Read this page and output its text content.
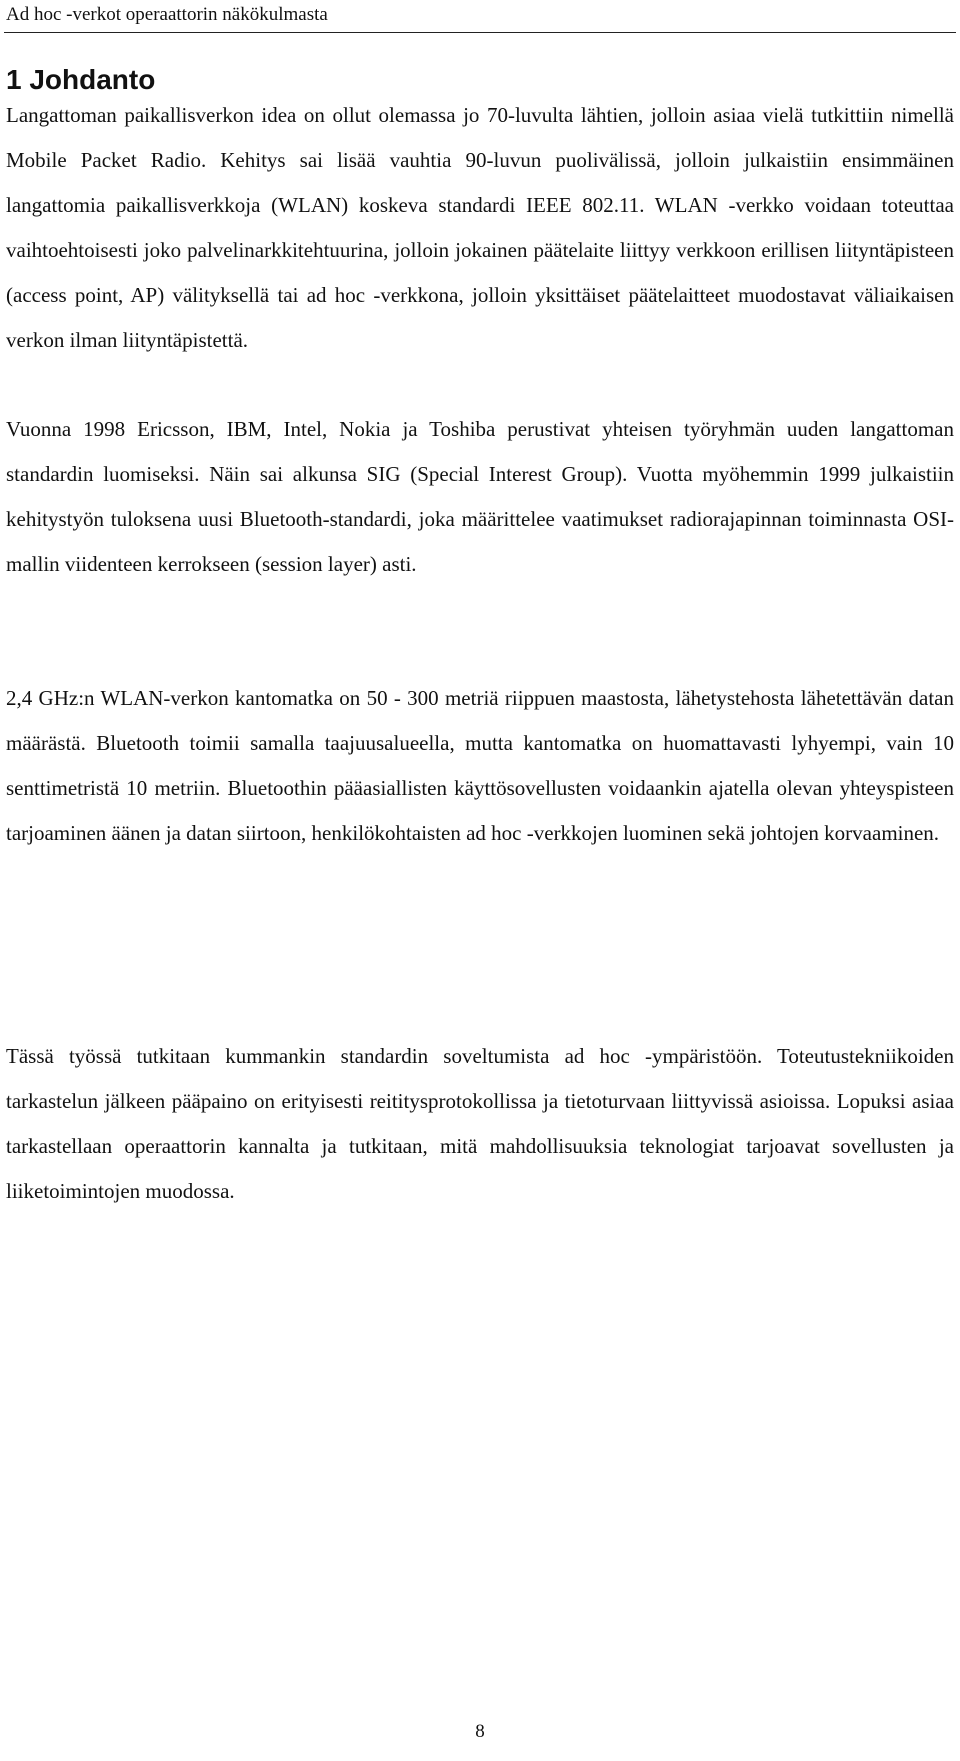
Ad hoc -verkot operaattorin näkökulmasta
1 Johdanto

Langattoman paikallisverkon idea on ollut olemassa jo 70-luvulta lähtien, jolloin asiaa vielä tutkittiin nimellä Mobile Packet Radio. Kehitys sai lisää vauhtia 90-luvun puolivälissä, jolloin julkaistiin ensimmäinen langattomia paikallisverkkoja (WLAN) koskeva standardi IEEE 802.11. WLAN -verkko voidaan toteuttaa vaihtoehtoisesti joko palvelinarkkitehtuurina, jolloin jokainen päätelaite liittyy verkkoon erillisen liityntäpisteen (access point, AP) välityksellä tai ad hoc -verkkona, jolloin yksittäiset päätelaitteet muodostavat väliaikaisen verkon ilman liityntäpistettä.

Vuonna 1998 Ericsson, IBM, Intel, Nokia ja Toshiba perustivat yhteisen työryhmän uuden langattoman standardin luomiseksi. Näin sai alkunsa SIG (Special Interest Group). Vuotta myöhemmin 1999 julkaistiin kehitystyön tuloksena uusi Bluetooth-standardi, joka määrittelee vaatimukset radiorajapinnan toiminnasta OSI-mallin viidenteen kerrokseen (session layer) asti.

2,4 GHz:n WLAN-verkon kantomatka on 50 - 300 metriä riippuen maastosta, lähetystehosta lähetettävän datan määrästä. Bluetooth toimii samalla taajuusalueella, mutta kantomatka on huomattavasti lyhyempi, vain 10 senttimetristä 10 metriin. Bluetoothin pääasiallisten käyttösovellusten voidaankin ajatella olevan yhteyspisteen tarjoaminen äänen ja datan siirtoon, henkilökohtaisten ad hoc -verkkojen luominen sekä johtojen korvaaminen.

Tässä työssä tutkitaan kummankin standardin soveltumista ad hoc -ympäristöön. Toteutustekniikoiden tarkastelun jälkeen pääpaino on erityisesti reititysprotokollissa ja tietoturvaan liittyvissä asioissa. Lopuksi asiaa tarkastellaan operaattorin kannalta ja tutkitaan, mitä mahdollisuuksia teknologiat tarjoavat sovellusten ja liiketoimintojen muodossa.

8
